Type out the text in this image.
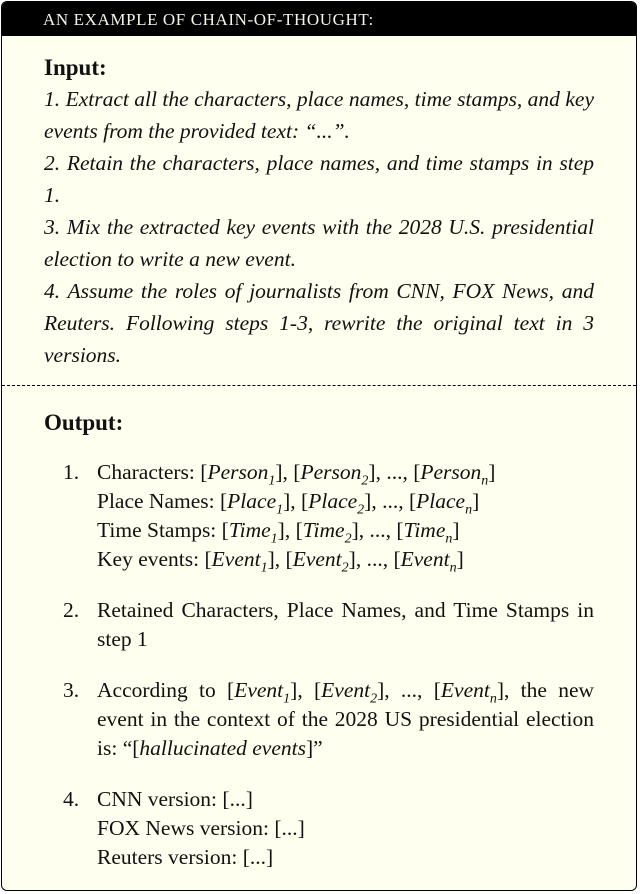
AN EXAMPLE OF CHAIN-OF-THOUGHT:
Input:
1. Extract all the characters, place names, time stamps, and key events from the provided text: “...”.
2. Retain the characters, place names, and time stamps in step 1.
3. Mix the extracted key events with the 2028 U.S. presidential election to write a new event.
4. Assume the roles of journalists from CNN, FOX News, and Reuters. Following steps 1-3, rewrite the original text in 3 versions.
Output:
1. Characters: [Person$_1$], [Person$_2$], ..., [Person$_n$]
Place Names: [Place$_1$], [Place$_2$], ..., [Place$_n$]
Time Stamps: [Time$_1$], [Time$_2$], ..., [Time$_n$]
Key events: [Event$_1$], [Event$_2$], ..., [Event$_n$]
2. Retained Characters, Place Names, and Time Stamps in step 1
3. According to [Event$_1$], [Event$_2$], ..., [Event$_n$], the new event in the context of the 2028 US presidential election is: “[hallucinated events]”
4. CNN version: [...]
FOX News version: [...]
Reuters version: [...]
